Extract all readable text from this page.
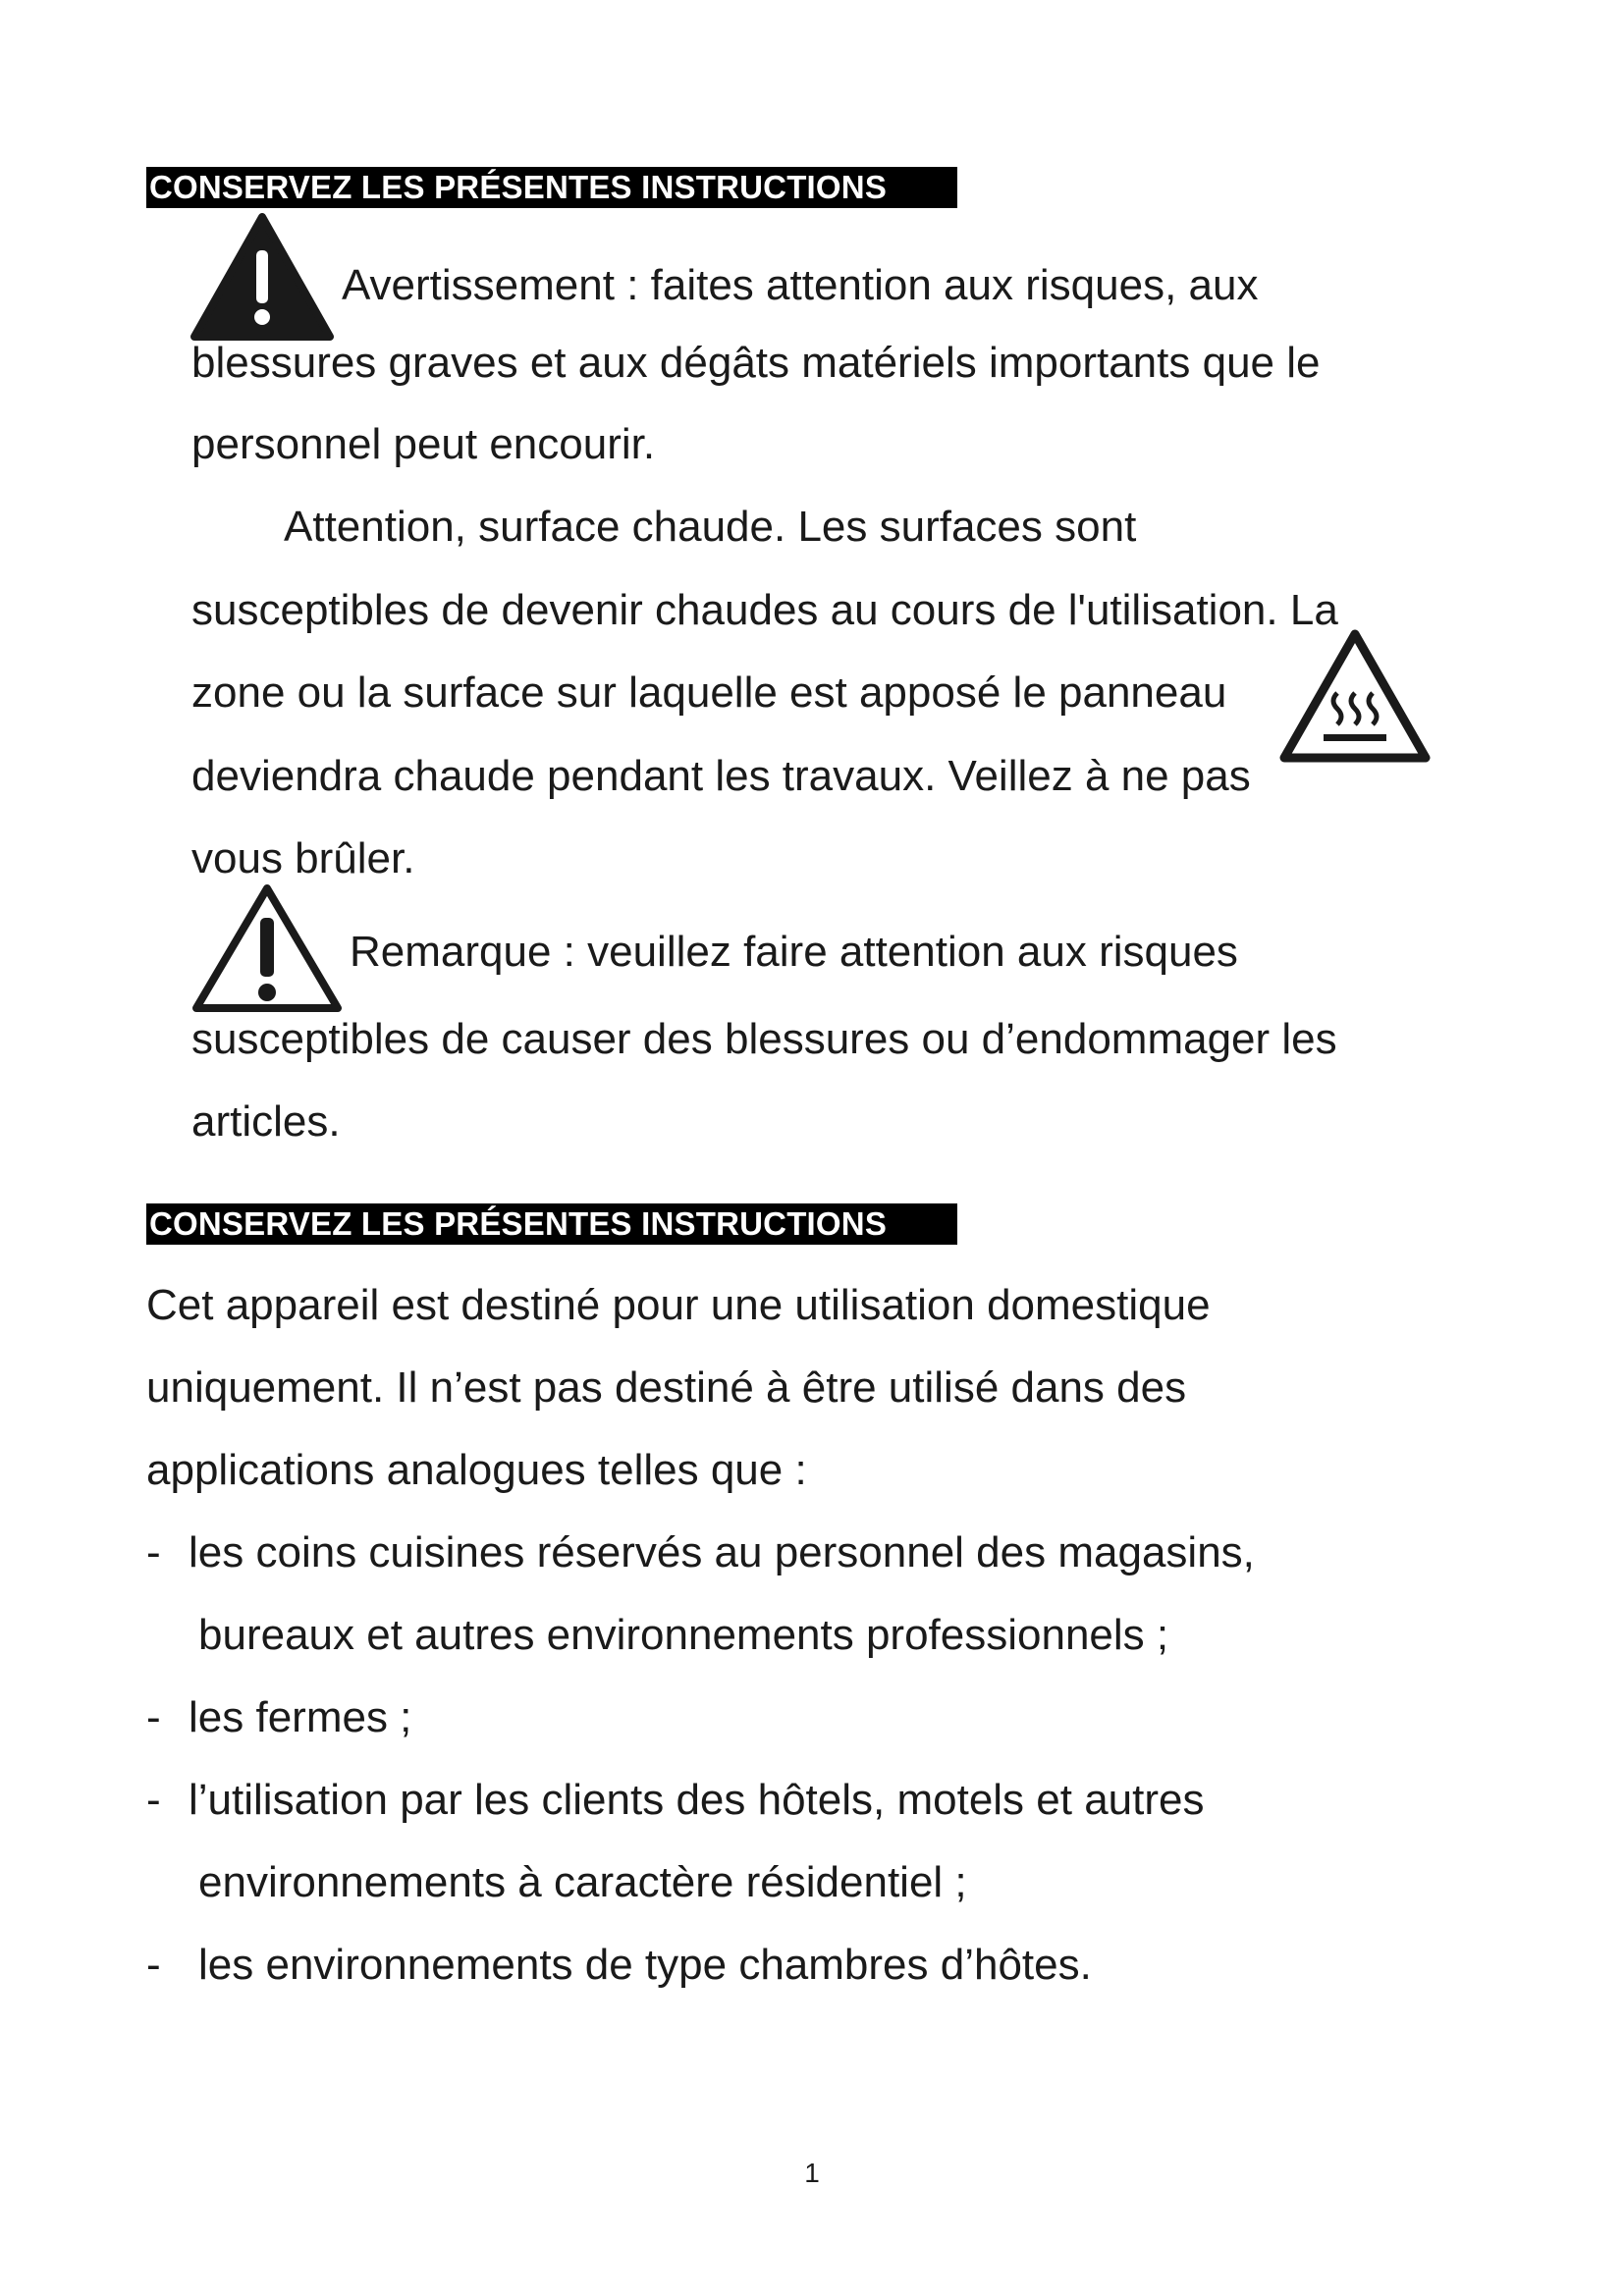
CONSERVEZ LES PRÉSENTES INSTRUCTIONS
Avertissement : faites attention aux risques, aux
blessures graves et aux dégâts matériels importants que le
personnel peut encourir.
Attention, surface chaude. Les surfaces sont
susceptibles de devenir chaudes au cours de l'utilisation. La
zone ou la surface sur laquelle est apposé le panneau
deviendra chaude pendant les travaux. Veillez à ne pas
vous brûler.
Remarque : veuillez faire attention aux risques
susceptibles de causer des blessures ou d’endommager les
articles.
CONSERVEZ LES PRÉSENTES INSTRUCTIONS
Cet appareil est destiné pour une utilisation domestique
uniquement. Il n’est pas destiné à être utilisé dans des
applications analogues telles que :
- les coins cuisines réservés au personnel des magasins,
bureaux et autres environnements professionnels ;
- les fermes ;
- l’utilisation par les clients des hôtels, motels et autres
environnements à caractère résidentiel ;
- les environnements de type chambres d’hôtes.
1
